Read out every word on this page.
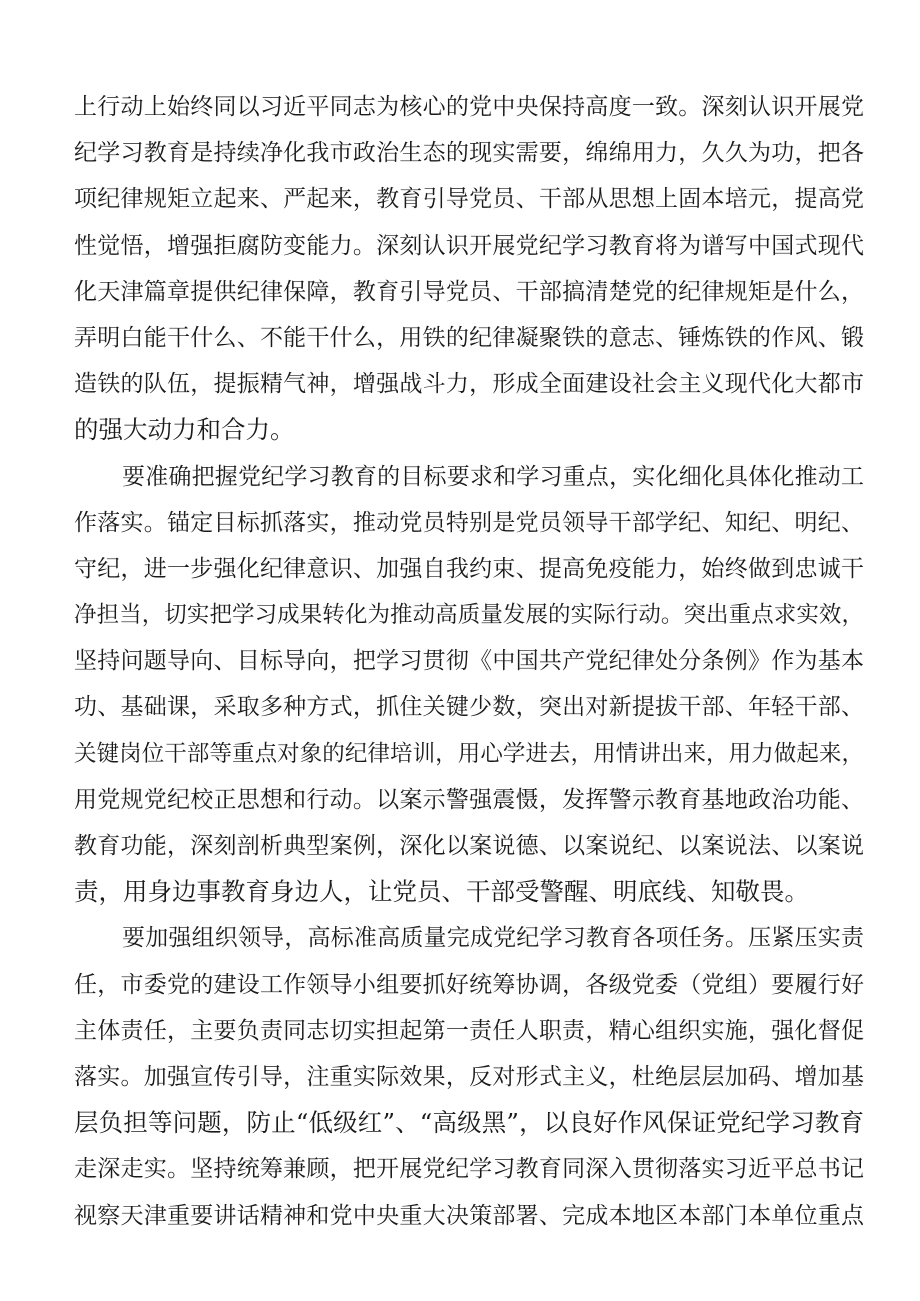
上行动上始终同以习近平同志为核心的党中央保持高度一致。深刻认识开展党
纪学习教育是持续净化我市政治生态的现实需要，绵绵用力，久久为功，把各
项纪律规矩立起来、严起来，教育引导党员、干部从思想上固本培元，提高党
性觉悟，增强拒腐防变能力。深刻认识开展党纪学习教育将为谱写中国式现代
化天津篇章提供纪律保障，教育引导党员、干部搞清楚党的纪律规矩是什么，
弄明白能干什么、不能干什么，用铁的纪律凝聚铁的意志、锤炼铁的作风、锻
造铁的队伍，提振精气神，增强战斗力，形成全面建设社会主义现代化大都市
的强大动力和合力。
要准确把握党纪学习教育的目标要求和学习重点，实化细化具体化推动工
作落实。锚定目标抓落实，推动党员特别是党员领导干部学纪、知纪、明纪、
守纪，进一步强化纪律意识、加强自我约束、提高免疫能力，始终做到忠诚干
净担当，切实把学习成果转化为推动高质量发展的实际行动。突出重点求实效，
坚持问题导向、目标导向，把学习贯彻《中国共产党纪律处分条例》作为基本
功、基础课，采取多种方式，抓住关键少数，突出对新提拔干部、年轻干部、
关键岗位干部等重点对象的纪律培训，用心学进去，用情讲出来，用力做起来，
用党规党纪校正思想和行动。以案示警强震慑，发挥警示教育基地政治功能、
教育功能，深刻剖析典型案例，深化以案说德、以案说纪、以案说法、以案说
责，用身边事教育身边人，让党员、干部受警醒、明底线、知敬畏。
要加强组织领导，高标准高质量完成党纪学习教育各项任务。压紧压实责
任，市委党的建设工作领导小组要抓好统筹协调，各级党委（党组）要履行好
主体责任，主要负责同志切实担起第一责任人职责，精心组织实施，强化督促
落实。加强宣传引导，注重实际效果，反对形式主义，杜绝层层加码、增加基
层负担等问题，防止“低级红”、“高级黑”，以良好作风保证党纪学习教育
走深走实。坚持统筹兼顾，把开展党纪学习教育同深入贯彻落实习近平总书记
视察天津重要讲话精神和党中央重大决策部署、完成本地区本部门本单位重点
